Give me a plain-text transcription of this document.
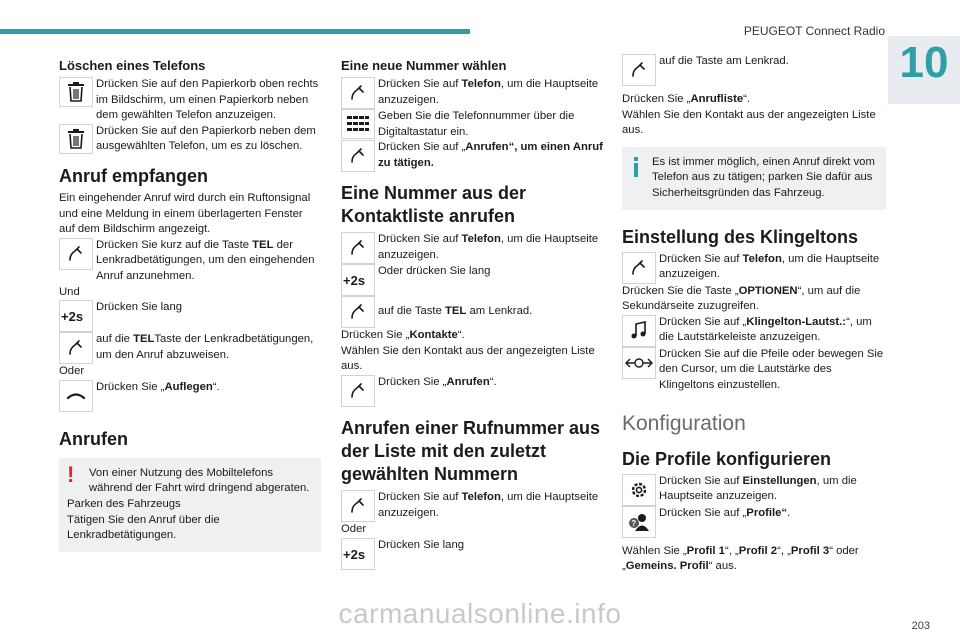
PEUGEOT Connect Radio
10
Löschen eines Telefons
Drücken Sie auf den Papierkorb oben rechts im Bildschirm, um einen Papierkorb neben dem gewählten Telefon anzuzeigen.
Drücken Sie auf den Papierkorb neben dem ausgewählten Telefon, um es zu löschen.
Anruf empfangen

Ein eingehender Anruf wird durch ein Ruftonsignal und eine Meldung in einem überlagerten Fenster auf dem Bildschirm angezeigt.

Drücken Sie kurz auf die Taste TEL der Lenkradbetätigungen, um den eingehenden Anruf anzunehmen.

Und

+2s
Drücken Sie lang
auf die TELTaste der Lenkradbetätigungen, um den Anruf abzuweisen.

Oder

Drücken Sie „Auflegen“.
Anrufen
!	Von einer Nutzung des Mobiltelefons während der Fahrt wird dringend abgeraten.
Parken des Fahrzeugs
Tätigen Sie den Anruf über die Lenkradbetätigungen.
Eine neue Nummer wählen
Drücken Sie auf Telefon, um die Hauptseite anzuzeigen.
Geben Sie die Telefonnummer über die Digitaltastatur ein.
Drücken Sie auf „Anrufen“, um einen Anruf zu tätigen.
Eine Nummer aus der Kontaktliste anrufen
Drücken Sie auf Telefon, um die Hauptseite anzuzeigen.
+2s
Oder drücken Sie lang
auf die Taste TEL am Lenkrad.

Drücken Sie „Kontakte“.

Wählen Sie den Kontakt aus der angezeigten Liste aus.

Drücken Sie „Anrufen“.
Anrufen einer Rufnummer aus der Liste mit den zuletzt gewählten Nummern
Drücken Sie auf Telefon, um die Hauptseite anzuzeigen.

Oder

+2s
Drücken Sie lang
auf die Taste am Lenkrad.

Drücken Sie „Anrufliste“.

Wählen Sie den Kontakt aus der angezeigten Liste aus.

Es ist immer möglich, einen Anruf direkt vom Telefon aus zu tätigen; parken Sie dafür aus Sicherheitsgründen das Fahrzeug.
Einstellung des Klingeltons
Drücken Sie auf Telefon, um die Hauptseite anzuzeigen.

Drücken Sie die Taste „OPTIONEN“, um auf die Sekundärseite zuzugreifen.

Drücken Sie auf „Klingelton-Lautst.:“, um die Lautstärkeleiste anzuzeigen.
Drücken Sie auf die Pfeile oder bewegen Sie den Cursor, um die Lautstärke des Klingeltons einzustellen.
Konfiguration
Die Profile konfigurieren
Drücken Sie auf Einstellungen, um die Hauptseite anzuzeigen.
?
Drücken Sie auf „Profile“.

Wählen Sie „Profil 1“, „Profil 2“, „Profil 3“ oder „Gemeins. Profil“ aus.

carmanualsonline.info	203
